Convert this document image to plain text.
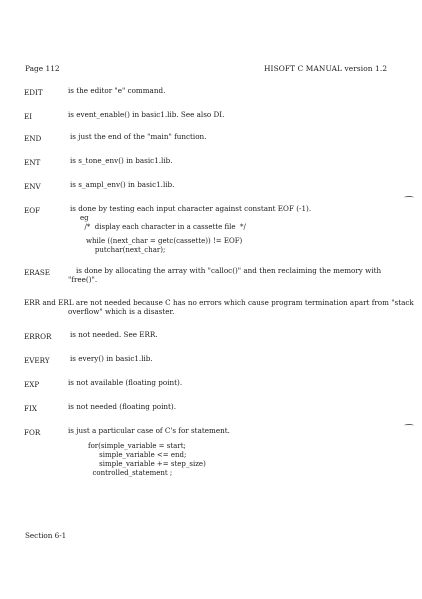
Page 112	HISOFT C MANUAL version 1.2
EDIT	is the editor "e" command.
EI	is event_enable() in basic1.lib. See also DI.
END	is just the end of the "main" function.
ENT	is s_tone_env() in basic1.lib.
ENV	is s_ampl_env() in basic1.lib.
EOF	is done by testing each input character against constant EOF (-1).
eg
/*  display each character in a cassette file  */
while ((next_char = getc(cassette)) != EOF)
putchar(next_char);
ERASE	is done by allocating the array with "calloc()" and then reclaiming the memory with
"free()".
ERR and ERL are not needed because C has no errors which cause program termination apart from "stack
overflow" which is a disaster.
ERROR	is not needed. See ERR.
EVERY	is every() in basic1.lib.
EXP	is not available (floating point).
FIX	is not needed (floating point).
FOR	is just a particular case of C's for statement.
for(simple_variable = start;
simple_variable <= end;
simple_variable += step_size)
controlled_statement ;
Section 6-1
